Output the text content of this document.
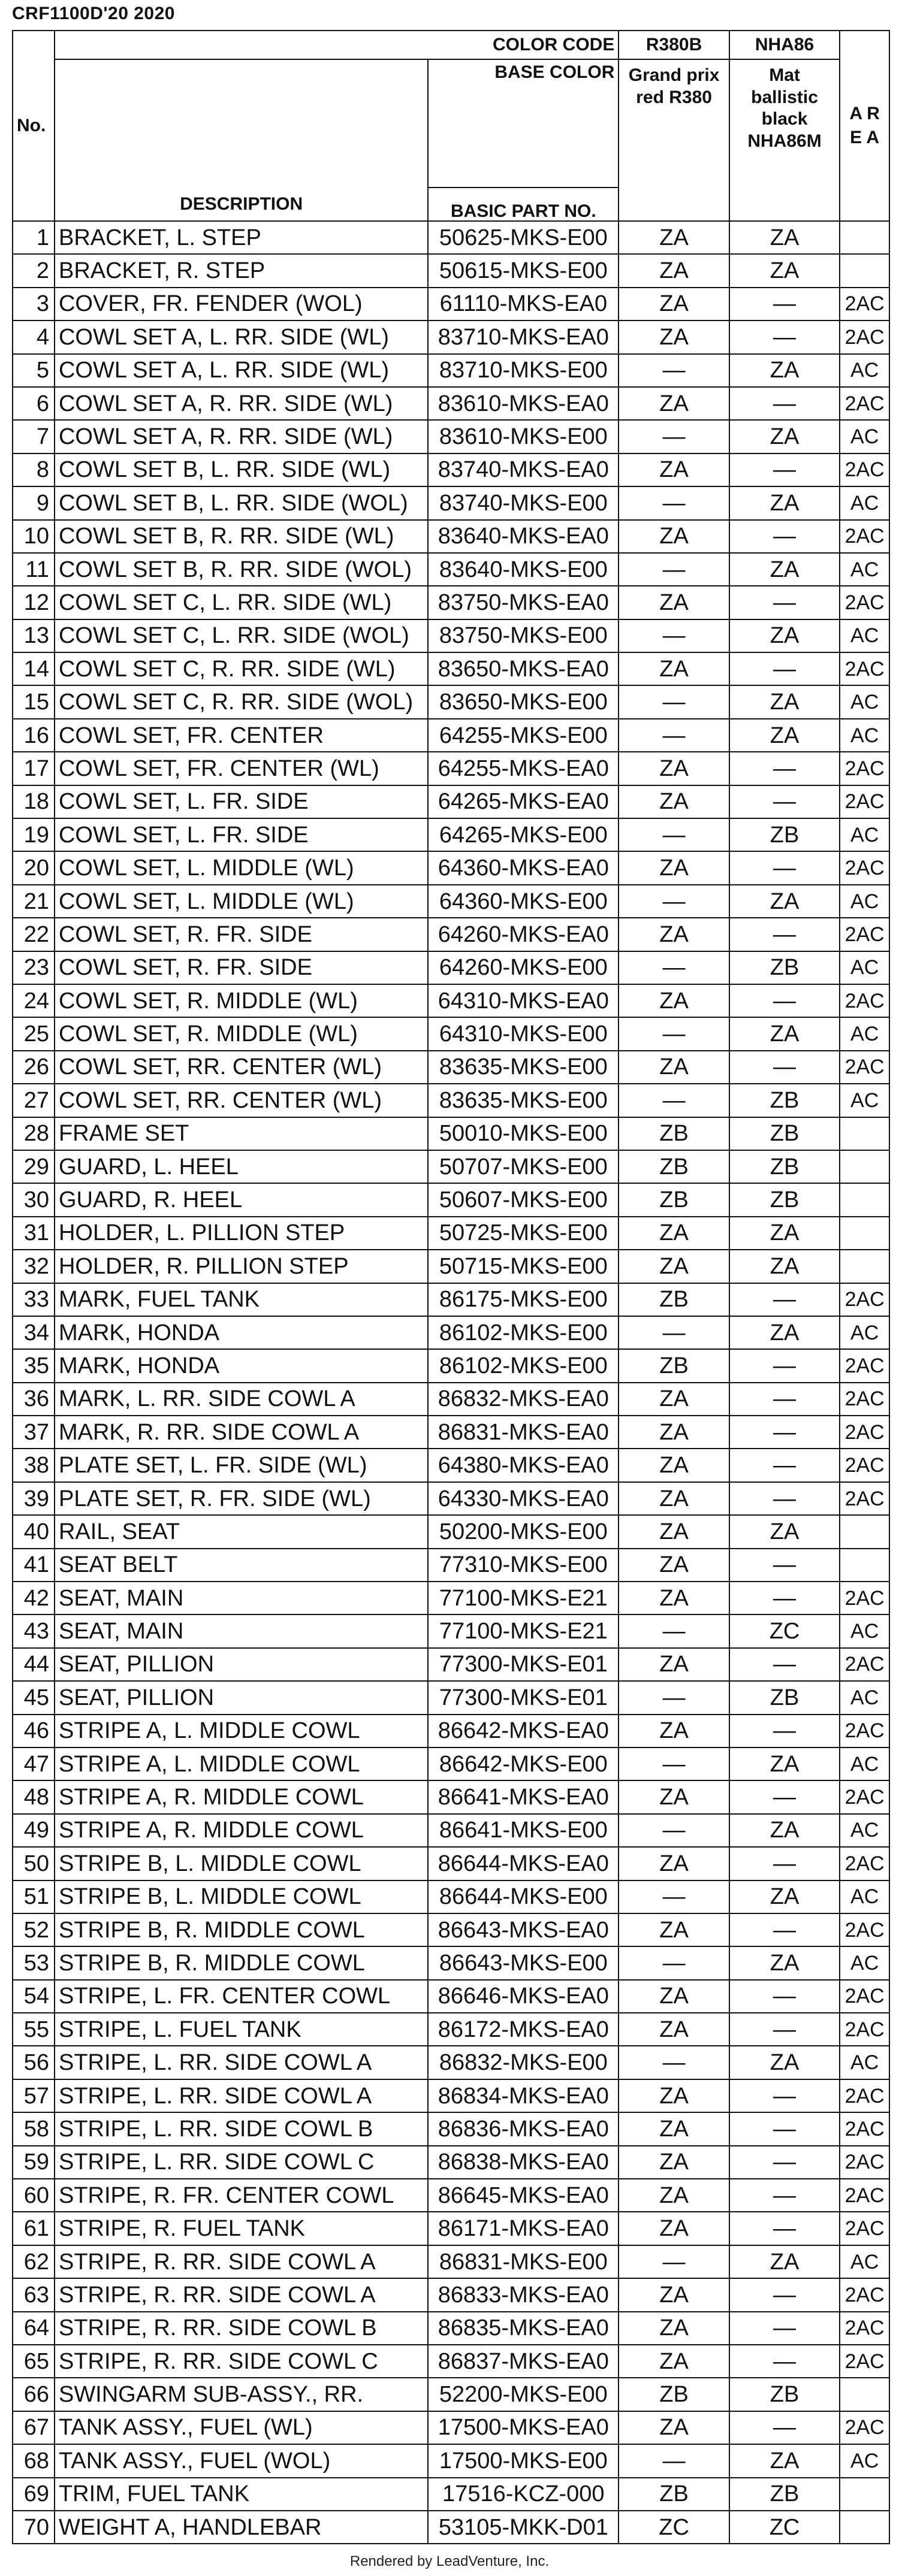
CRF1100D'20 2020
No.	COLOR CODE		R380B	NHA86	A R E A
	DESCRIPTION	BASE COLOR	Grand prix red R380	Mat ballistic black NHA86M	
		BASIC PART NO.			
1	BRACKET, L. STEP	50625-MKS-E00	ZA	ZA	
2	BRACKET, R. STEP	50615-MKS-E00	ZA	ZA	
3	COVER, FR. FENDER (WOL)	61110-MKS-EA0	ZA	—	2AC
4	COWL SET A, L. RR. SIDE (WL)	83710-MKS-EA0	ZA	—	2AC
5	COWL SET A, L. RR. SIDE (WL)	83710-MKS-E00	—	ZA	AC
6	COWL SET A, R. RR. SIDE (WL)	83610-MKS-EA0	ZA	—	2AC
7	COWL SET A, R. RR. SIDE (WL)	83610-MKS-E00	—	ZA	AC
8	COWL SET B, L. RR. SIDE (WL)	83740-MKS-EA0	ZA	—	2AC
9	COWL SET B, L. RR. SIDE (WOL)	83740-MKS-E00	—	ZA	AC
10	COWL SET B, R. RR. SIDE (WL)	83640-MKS-EA0	ZA	—	2AC
11	COWL SET B, R. RR. SIDE (WOL)	83640-MKS-E00	—	ZA	AC
12	COWL SET C, L. RR. SIDE (WL)	83750-MKS-EA0	ZA	—	2AC
13	COWL SET C, L. RR. SIDE (WOL)	83750-MKS-E00	—	ZA	AC
14	COWL SET C, R. RR. SIDE (WL)	83650-MKS-EA0	ZA	—	2AC
15	COWL SET C, R. RR. SIDE (WOL)	83650-MKS-E00	—	ZA	AC
16	COWL SET, FR. CENTER	64255-MKS-E00	—	ZA	AC
17	COWL SET, FR. CENTER (WL)	64255-MKS-EA0	ZA	—	2AC
18	COWL SET, L. FR. SIDE	64265-MKS-EA0	ZA	—	2AC
19	COWL SET, L. FR. SIDE	64265-MKS-E00	—	ZB	AC
20	COWL SET, L. MIDDLE (WL)	64360-MKS-EA0	ZA	—	2AC
21	COWL SET, L. MIDDLE (WL)	64360-MKS-E00	—	ZA	AC
22	COWL SET, R. FR. SIDE	64260-MKS-EA0	ZA	—	2AC
23	COWL SET, R. FR. SIDE	64260-MKS-E00	—	ZB	AC
24	COWL SET, R. MIDDLE (WL)	64310-MKS-EA0	ZA	—	2AC
25	COWL SET, R. MIDDLE (WL)	64310-MKS-E00	—	ZA	AC
26	COWL SET, RR. CENTER (WL)	83635-MKS-E00	ZA	—	2AC
27	COWL SET, RR. CENTER (WL)	83635-MKS-E00	—	ZB	AC
28	FRAME SET	50010-MKS-E00	ZB	ZB	
29	GUARD, L. HEEL	50707-MKS-E00	ZB	ZB	
30	GUARD, R. HEEL	50607-MKS-E00	ZB	ZB	
31	HOLDER, L. PILLION STEP	50725-MKS-E00	ZA	ZA	
32	HOLDER, R. PILLION STEP	50715-MKS-E00	ZA	ZA	
33	MARK, FUEL TANK	86175-MKS-E00	ZB	—	2AC
34	MARK, HONDA	86102-MKS-E00	—	ZA	AC
35	MARK, HONDA	86102-MKS-E00	ZB	—	2AC
36	MARK, L. RR. SIDE COWL A	86832-MKS-EA0	ZA	—	2AC
37	MARK, R. RR. SIDE COWL A	86831-MKS-EA0	ZA	—	2AC
38	PLATE SET, L. FR. SIDE (WL)	64380-MKS-EA0	ZA	—	2AC
39	PLATE SET, R. FR. SIDE (WL)	64330-MKS-EA0	ZA	—	2AC
40	RAIL, SEAT	50200-MKS-E00	ZA	ZA	
41	SEAT BELT	77310-MKS-E00	ZA	—	
42	SEAT, MAIN	77100-MKS-E21	ZA	—	2AC
43	SEAT, MAIN	77100-MKS-E21	—	ZC	AC
44	SEAT, PILLION	77300-MKS-E01	ZA	—	2AC
45	SEAT, PILLION	77300-MKS-E01	—	ZB	AC
46	STRIPE A, L. MIDDLE COWL	86642-MKS-EA0	ZA	—	2AC
47	STRIPE A, L. MIDDLE COWL	86642-MKS-E00	—	ZA	AC
48	STRIPE A, R. MIDDLE COWL	86641-MKS-EA0	ZA	—	2AC
49	STRIPE A, R. MIDDLE COWL	86641-MKS-E00	—	ZA	AC
50	STRIPE B, L. MIDDLE COWL	86644-MKS-EA0	ZA	—	2AC
51	STRIPE B, L. MIDDLE COWL	86644-MKS-E00	—	ZA	AC
52	STRIPE B, R. MIDDLE COWL	86643-MKS-EA0	ZA	—	2AC
53	STRIPE B, R. MIDDLE COWL	86643-MKS-E00	—	ZA	AC
54	STRIPE, L. FR. CENTER COWL	86646-MKS-EA0	ZA	—	2AC
55	STRIPE, L. FUEL TANK	86172-MKS-EA0	ZA	—	2AC
56	STRIPE, L. RR. SIDE COWL A	86832-MKS-E00	—	ZA	AC
57	STRIPE, L. RR. SIDE COWL A	86834-MKS-EA0	ZA	—	2AC
58	STRIPE, L. RR. SIDE COWL B	86836-MKS-EA0	ZA	—	2AC
59	STRIPE, L. RR. SIDE COWL C	86838-MKS-EA0	ZA	—	2AC
60	STRIPE, R. FR. CENTER COWL	86645-MKS-EA0	ZA	—	2AC
61	STRIPE, R. FUEL TANK	86171-MKS-EA0	ZA	—	2AC
62	STRIPE, R. RR. SIDE COWL A	86831-MKS-E00	—	ZA	AC
63	STRIPE, R. RR. SIDE COWL A	86833-MKS-EA0	ZA	—	2AC
64	STRIPE, R. RR. SIDE COWL B	86835-MKS-EA0	ZA	—	2AC
65	STRIPE, R. RR. SIDE COWL C	86837-MKS-EA0	ZA	—	2AC
66	SWINGARM SUB-ASSY., RR.	52200-MKS-E00	ZB	ZB	
67	TANK ASSY., FUEL (WL)	17500-MKS-EA0	ZA	—	2AC
68	TANK ASSY., FUEL (WOL)	17500-MKS-E00	—	ZA	AC
69	TRIM, FUEL TANK	17516-KCZ-000	ZB	ZB	
70	WEIGHT A, HANDLEBAR	53105-MKK-D01	ZC	ZC	
Rendered by LeadVenture, Inc.
